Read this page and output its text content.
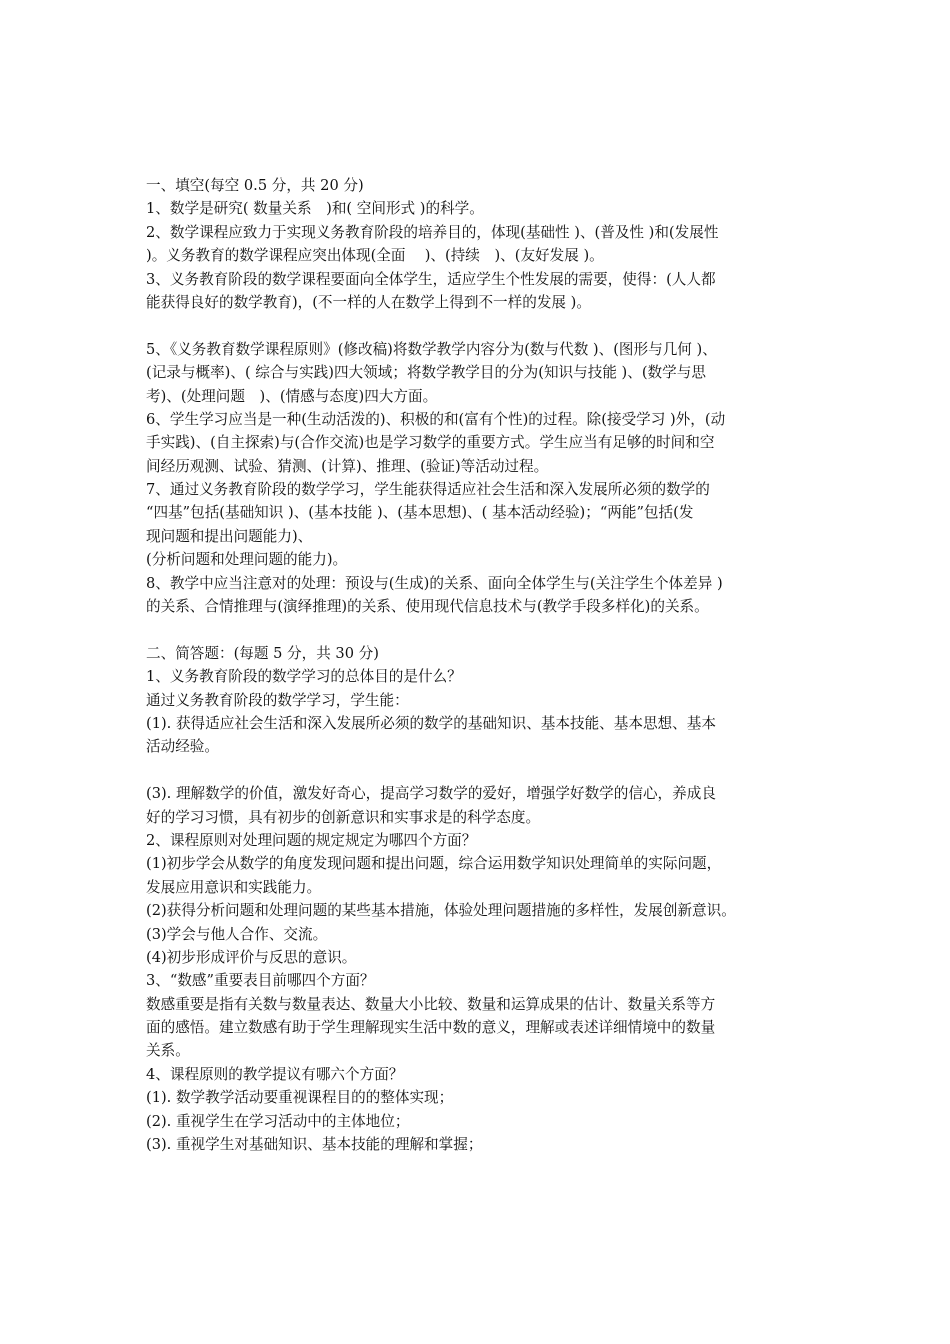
一、填空(每空 0.5 分，共 20 分)
1、数学是研究( 数量关系　)和( 空间形式 )的科学。
2、数学课程应致力于实现义务教育阶段的培养目的，体现(基础性 )、(普及性 )和(发展性
)。义务教育的数学课程应突出体现(全面　 )、(持续　)、(友好发展 )。
3、义务教育阶段的数学课程要面向全体学生，适应学生个性发展的需要，使得：(人人都
能获得良好的数学教育)，(不一样的人在数学上得到不一样的发展 )。
5、《义务教育数学课程原则》(修改稿)将数学教学内容分为(数与代数 )、(图形与几何 )、
(记录与概率)、( 综合与实践)四大领域；将数学教学目的分为(知识与技能 )、(数学与思
考)、(处理问题　)、(情感与态度)四大方面。
6、学生学习应当是一种(生动活泼的)、积极的和(富有个性)的过程。除(接受学习 )外，(动
手实践)、(自主探索)与(合作交流)也是学习数学的重要方式。学生应当有足够的时间和空
间经历观测、试验、猜测、(计算)、推理、(验证)等活动过程。
7、通过义务教育阶段的数学学习，学生能获得适应社会生活和深入发展所必须的数学的
“四基”包括(基础知识 )、(基本技能 )、(基本思想)、( 基本活动经验)；“两能”包括(发
现问题和提出问题能力)、
(分析问题和处理问题的能力)。
8、教学中应当注意对的处理：预设与(生成)的关系、面向全体学生与(关注学生个体差异 )
的关系、合情推理与(演绎推理)的关系、使用现代信息技术与(教学手段多样化)的关系。
二、简答题：(每题 5 分，共 30 分)
1、义务教育阶段的数学学习的总体目的是什么？
通过义务教育阶段的数学学习，学生能：
(1). 获得适应社会生活和深入发展所必须的数学的基础知识、基本技能、基本思想、基本
活动经验。
(3). 理解数学的价值，激发好奇心，提高学习数学的爱好，增强学好数学的信心，养成良
好的学习习惯，具有初步的创新意识和实事求是的科学态度。
2、课程原则对处理问题的规定规定为哪四个方面？
(1)初步学会从数学的角度发现问题和提出问题，综合运用数学知识处理简单的实际问题，
发展应用意识和实践能力。
(2)获得分析问题和处理问题的某些基本措施，体验处理问题措施的多样性，发展创新意识。
(3)学会与他人合作、交流。
(4)初步形成评价与反思的意识。
3、“数感”重要表目前哪四个方面？
数感重要是指有关数与数量表达、数量大小比较、数量和运算成果的估计、数量关系等方
面的感悟。建立数感有助于学生理解现实生活中数的意义，理解或表述详细情境中的数量
关系。
4、课程原则的教学提议有哪六个方面？
(1). 数学教学活动要重视课程目的的整体实现；
(2). 重视学生在学习活动中的主体地位；
(3). 重视学生对基础知识、基本技能的理解和掌握；
